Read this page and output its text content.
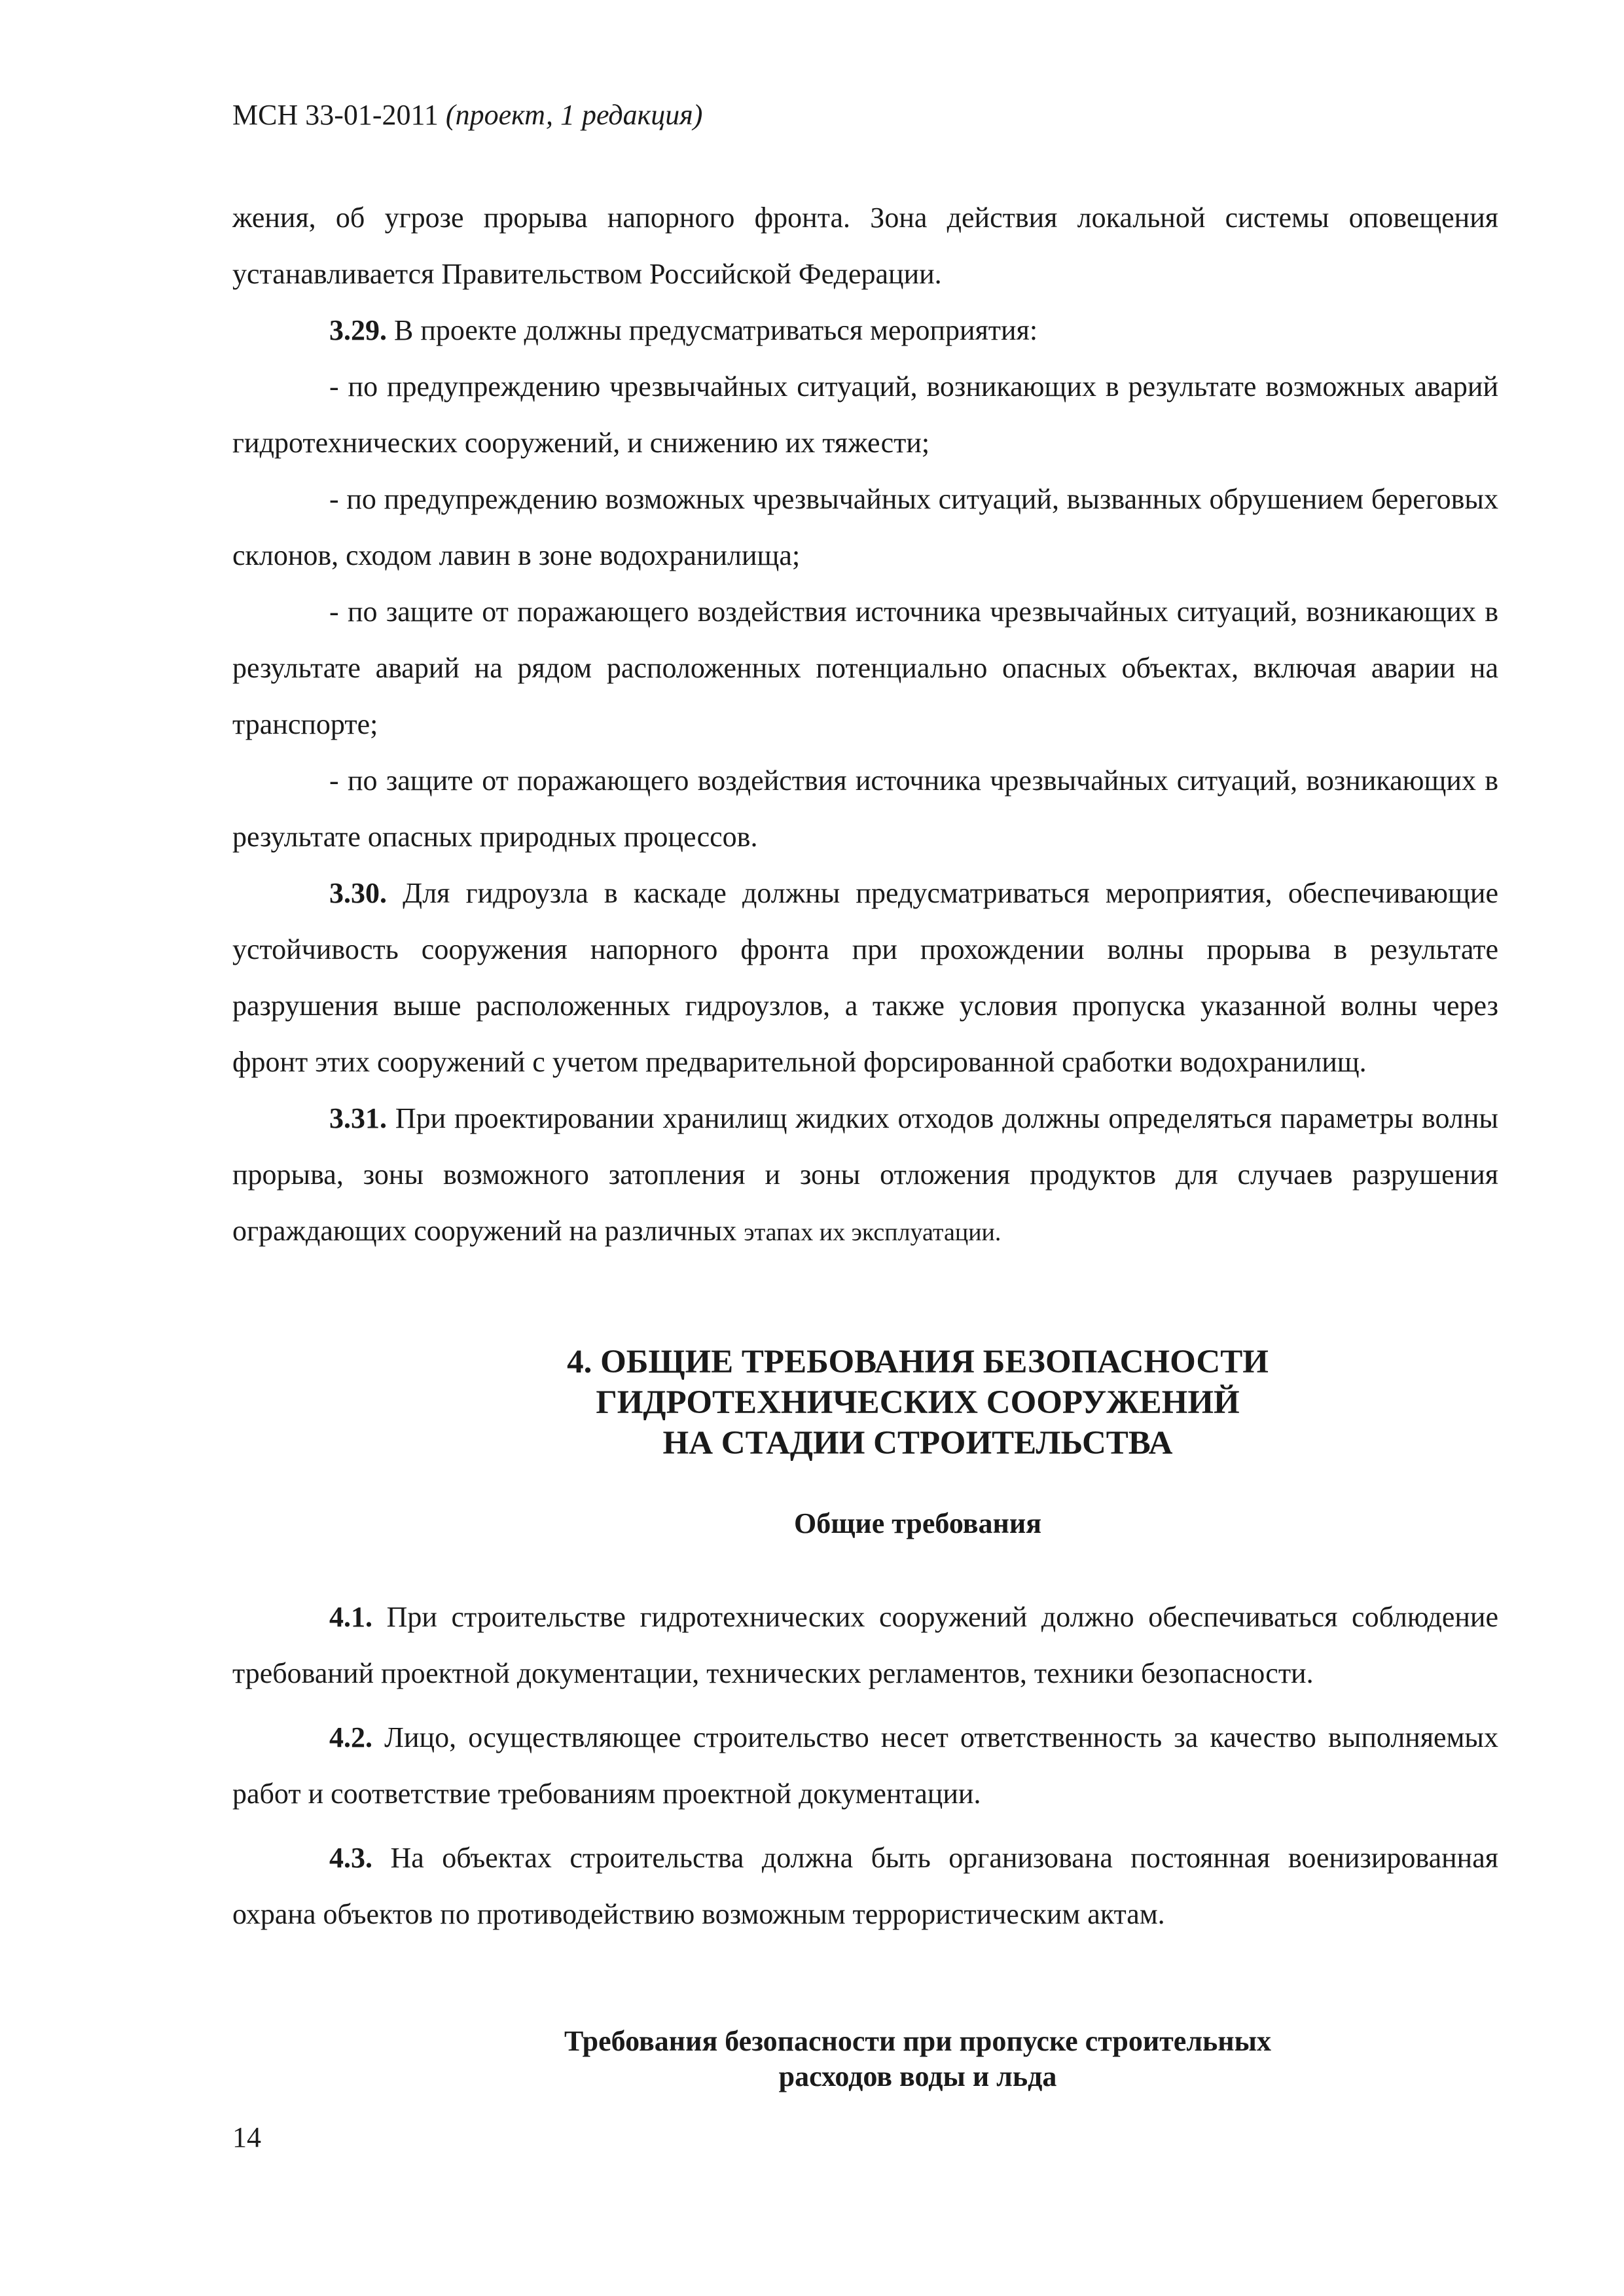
МСН 33-01-2011 (проект, 1 редакция)

жения, об угрозе прорыва напорного фронта. Зона действия локальной системы оповещения устанавливается Правительством Российской Федерации.

3.29. В проекте должны предусматриваться мероприятия:

- по предупреждению чрезвычайных ситуаций, возникающих в результате возможных аварий гидротехнических сооружений, и снижению их тяжести;

- по предупреждению возможных чрезвычайных ситуаций, вызванных обрушением береговых склонов, сходом лавин в зоне водохранилища;

- по защите от поражающего воздействия источника чрезвычайных ситуаций, возникающих в результате аварий на рядом расположенных потенциально опасных объектах, включая аварии на транспорте;

- по защите от поражающего воздействия источника чрезвычайных ситуаций, возникающих в результате опасных природных процессов.

3.30. Для гидроузла в каскаде должны предусматриваться мероприятия, обеспечивающие устойчивость сооружения напорного фронта при прохождении волны прорыва в результате разрушения выше расположенных гидроузлов, а также условия пропуска указанной волны через фронт этих сооружений с учетом предварительной форсированной сработки водохранилищ.

3.31. При проектировании хранилищ жидких отходов должны определяться параметры волны прорыва, зоны возможного затопления и зоны отложения продуктов для случаев разрушения ограждающих сооружений на различных этапах их эксплуатации.

4. ОБЩИЕ ТРЕБОВАНИЯ БЕЗОПАСНОСТИ
ГИДРОТЕХНИЧЕСКИХ СООРУЖЕНИЙ
НА СТАДИИ СТРОИТЕЛЬСТВА
Общие требования

4.1. При строительстве гидротехнических сооружений должно обеспечиваться соблюдение требований проектной документации, технических регламентов, техники безопасности.

4.2. Лицо, осуществляющее строительство несет ответственность за качество выполняемых работ и соответствие требованиям проектной документации.

4.3. На объектах строительства должна быть организована постоянная военизированная охрана объектов по противодействию возможным террористическим актам.

Требования безопасности при пропуске строительных
расходов воды и льда
14
